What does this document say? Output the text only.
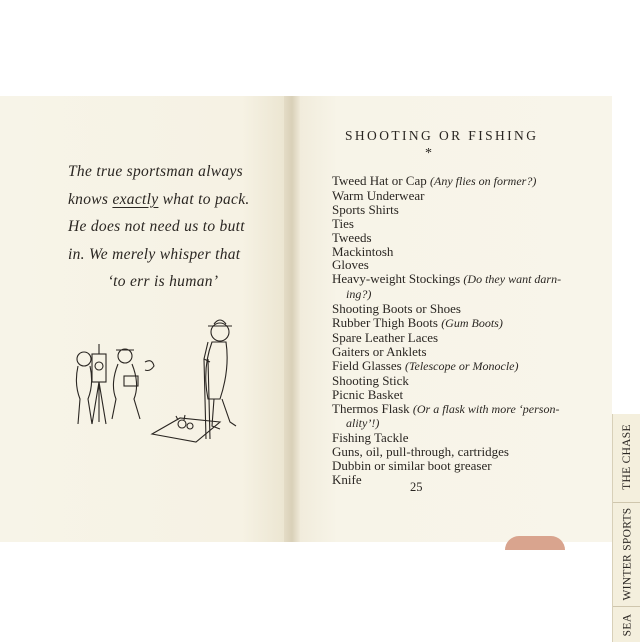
The true sportsman always
knows exactly what to pack.
He does not need us to butt
in. We merely whisper that
‘to err is human’
THE CHASE
WINTER SPORTS
SEA
SHOOTING OR FISHING
*
Tweed Hat or Cap (Any flies on former?)
Warm Underwear
Sports Shirts
Ties
Tweeds
Mackintosh
Gloves
Heavy-weight Stockings (Do they want darn-
ing?)
Shooting Boots or Shoes
Rubber Thigh Boots (Gum Boots)
Spare Leather Laces
Gaiters or Anklets
Field Glasses (Telescope or Monocle)
Shooting Stick
Picnic Basket
Thermos Flask (Or a flask with more ‘person-
ality’!)
Fishing Tackle
Guns, oil, pull-through, cartridges
Dubbin or similar boot greaser
Knife	25
